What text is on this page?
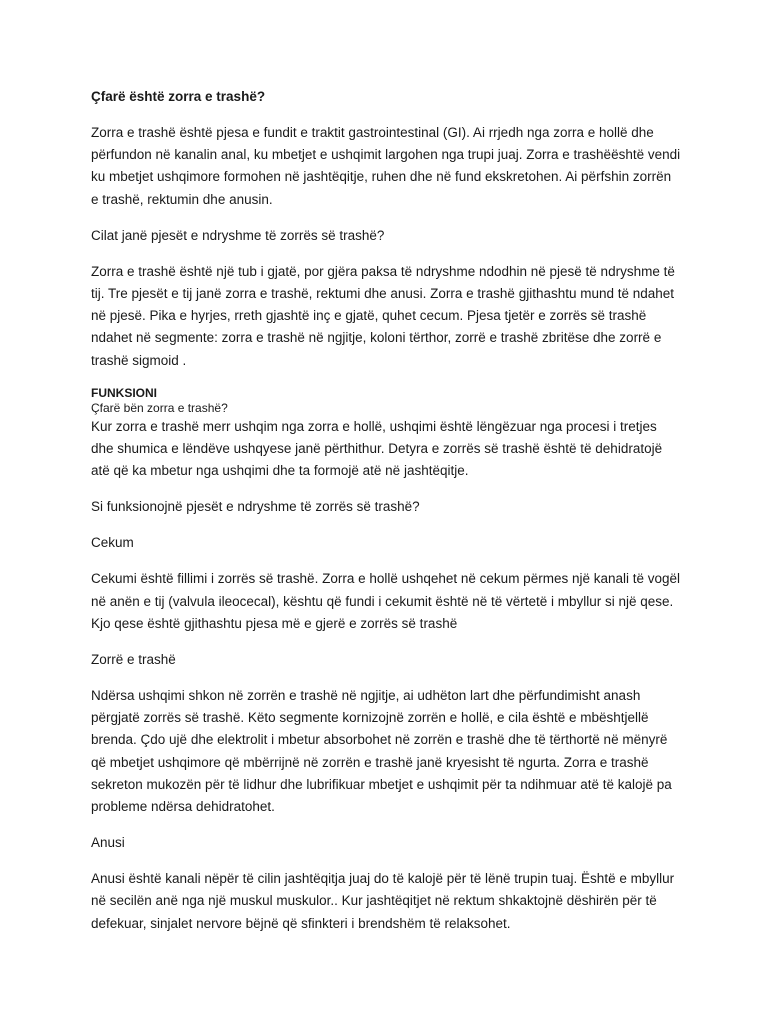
Çfarë është zorra e trashë?

Zorra e trashë është pjesa e fundit e traktit gastrointestinal (GI). Ai rrjedh nga zorra e hollë dhe përfundon në kanalin anal, ku mbetjet e ushqimit largohen nga trupi juaj. Zorra e trashëështë vendi ku mbetjet ushqimore formohen në jashtëqitje, ruhen dhe në fund ekskretohen. Ai përfshin zorrën e trashë, rektumin dhe anusin.

Cilat janë pjesët e ndryshme të zorrës së trashë?

Zorra e trashë është një tub i gjatë, por gjëra paksa të ndryshme ndodhin në pjesë të ndryshme të tij. Tre pjesët e tij janë zorra e trashë, rektumi dhe anusi. Zorra e trashë gjithashtu mund të ndahet në pjesë. Pika e hyrjes, rreth gjashtë inç e gjatë, quhet cecum. Pjesa tjetër e zorrës së trashë ndahet në segmente: zorra e trashë në ngjitje, koloni tërthor, zorrë e trashë zbritëse dhe zorrë e trashë sigmoid .

FUNKSIONI

Çfarë bën zorra e trashë?

Kur zorra e trashë merr ushqim nga zorra e hollë, ushqimi është lëngëzuar nga procesi i tretjes dhe shumica e lëndëve ushqyese janë përthithur. Detyra e zorrës së trashë është të dehidratojë atë që ka mbetur nga ushqimi dhe ta formojë atë në jashtëqitje.

Si funksionojnë pjesët e ndryshme të zorrës së trashë?

Cekum

Cekumi është fillimi i zorrës së trashë. Zorra e hollë ushqehet në cekum përmes një kanali të vogël në anën e tij (valvula ileocecal), kështu që fundi i cekumit është në të vërtetë i mbyllur si një qese. Kjo qese është gjithashtu pjesa më e gjerë e zorrës së trashë

Zorrë e trashë

Ndërsa ushqimi shkon në zorrën e trashë në ngjitje, ai udhëton lart dhe përfundimisht anash përgjatë zorrës së trashë. Këto segmente kornizojnë zorrën e hollë, e cila është e mbështjellë brenda. Çdo ujë dhe elektrolit i mbetur absorbohet në zorrën e trashë dhe të tërthortë në mënyrë që mbetjet ushqimore që mbërrijnë në zorrën e trashë janë kryesisht të ngurta. Zorra e trashë sekreton mukozën për të lidhur dhe lubrifikuar mbetjet e ushqimit për ta ndihmuar atë të kalojë pa probleme ndërsa dehidratohet.

Anusi

Anusi është kanali nëpër të cilin jashtëqitja juaj do të kalojë për të lënë trupin tuaj. Është e mbyllur në secilën anë nga një muskul muskulor.. Kur jashtëqitjet në rektum shkaktojnë dëshirën për të defekuar, sinjalet nervore bëjnë që sfinkteri i brendshëm të relaksohet.
